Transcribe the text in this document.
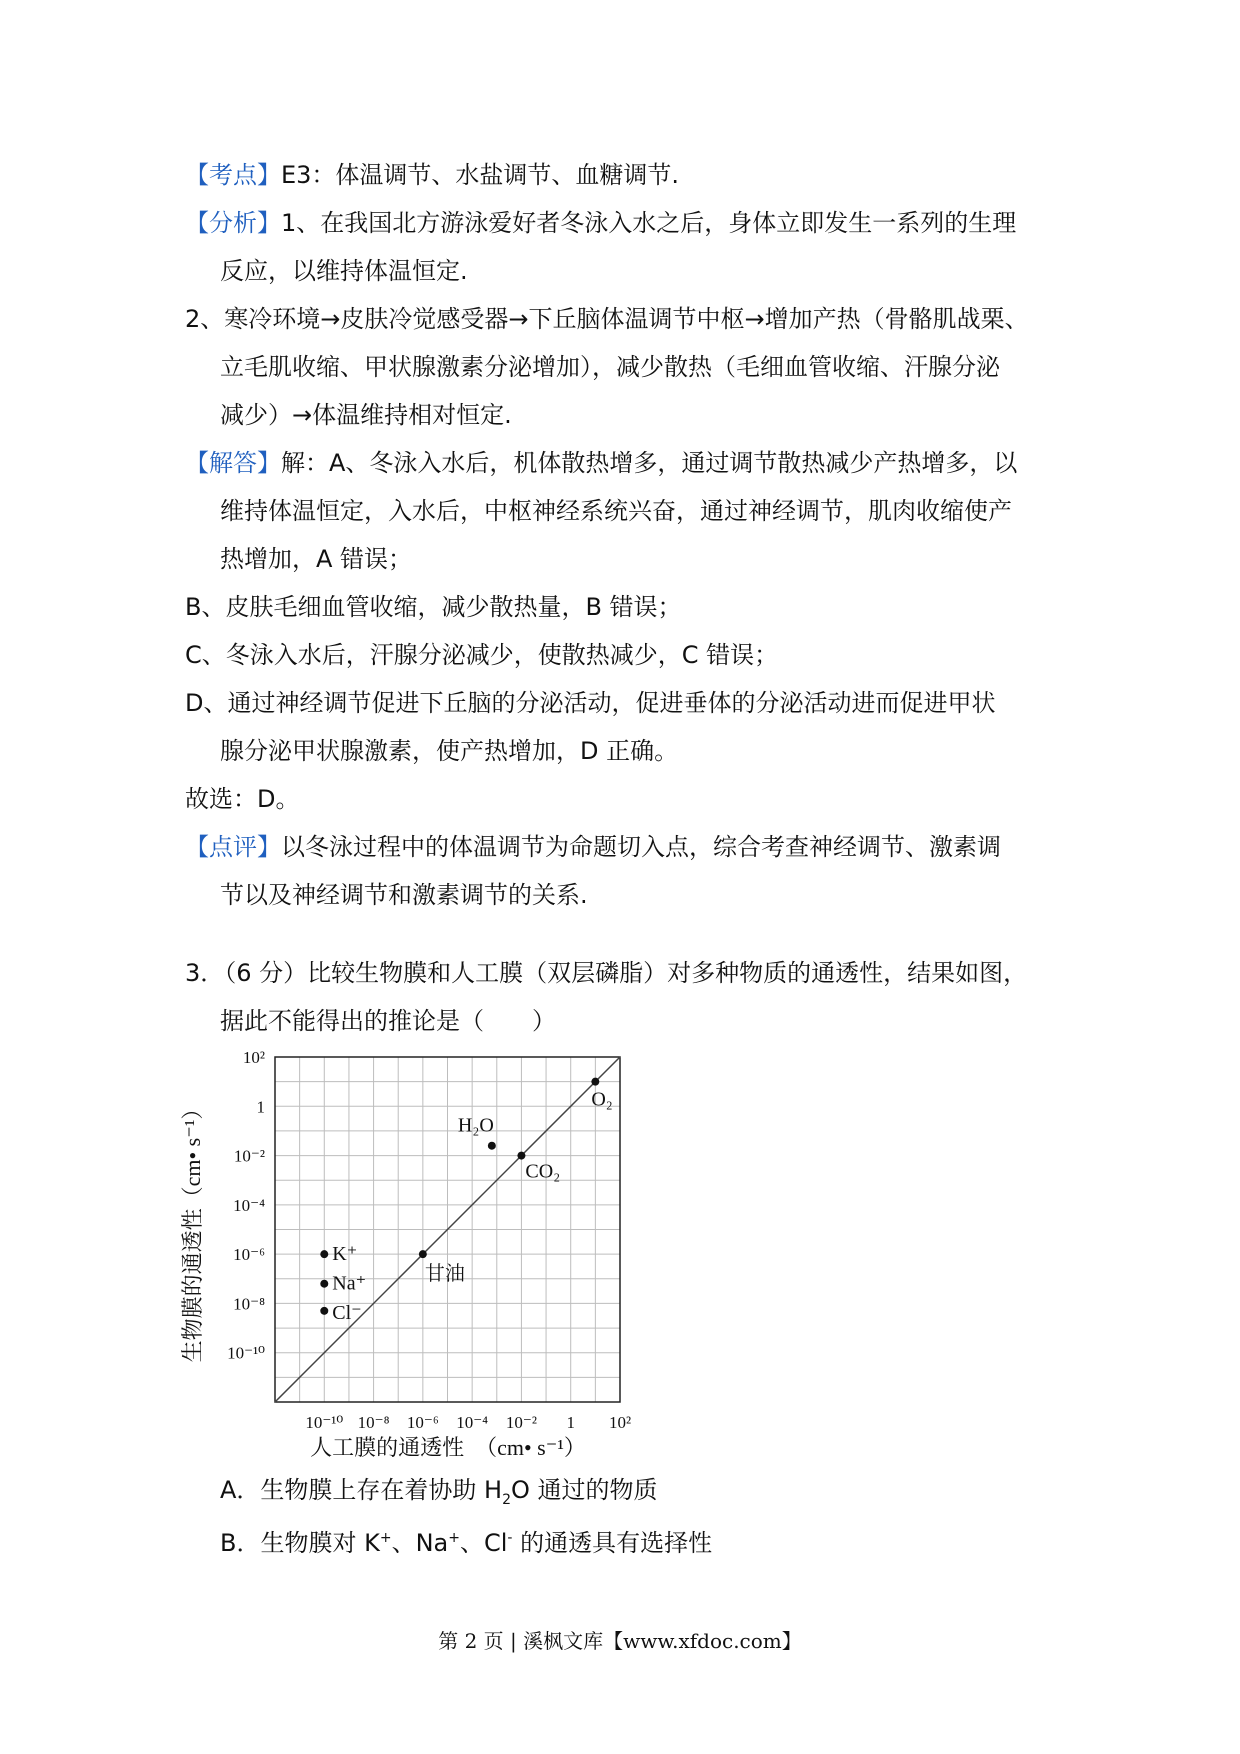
【考点】E3：体温调节、水盐调节、血糖调节.
【分析】1、在我国北方游泳爱好者冬泳入水之后，身体立即发生一系列的生理
反应，以维持体温恒定.
2、寒冷环境→皮肤冷觉感受器→下丘脑体温调节中枢→增加产热（骨骼肌战栗、
立毛肌收缩、甲状腺激素分泌增加），减少散热（毛细血管收缩、汗腺分泌
减少）→体温维持相对恒定.
【解答】解：A、冬泳入水后，机体散热增多，通过调节散热减少产热增多，以
维持体温恒定，入水后，中枢神经系统兴奋，通过神经调节，肌肉收缩使产
热增加，A 错误；
B、皮肤毛细血管收缩，减少散热量，B 错误；
C、冬泳入水后，汗腺分泌减少，使散热减少，C 错误；
D、通过神经调节促进下丘脑的分泌活动，促进垂体的分泌活动进而促进甲状
腺分泌甲状腺激素，使产热增加，D 正确。
故选：D。
【点评】以冬泳过程中的体温调节为命题切入点，综合考查神经调节、激素调
节以及神经调节和激素调节的关系.
3．（6 分）比较生物膜和人工膜（双层磷脂）对多种物质的通透性，结果如图，
据此不能得出的推论是（　　）
10⁻¹⁰ 10⁻⁸ 10⁻⁶ 10⁻⁴ 10⁻² 1 10²
10²
1
10⁻²
10⁻⁴
10⁻⁶
10⁻⁸
10⁻¹⁰
O₂
H₂O
CO₂
甘油
K⁺
Na⁺
Cl⁻
人工膜的通透性　（cm• s⁻¹）
生物膜的通透性（cm• s⁻¹）
A．生物膜上存在着协助 $H_2O$ 通过的物质
B．生物膜对 K+、Na+、Cl- 的通透具有选择性
第 2 页 | 溪枫文库【www.xfdoc.com】
